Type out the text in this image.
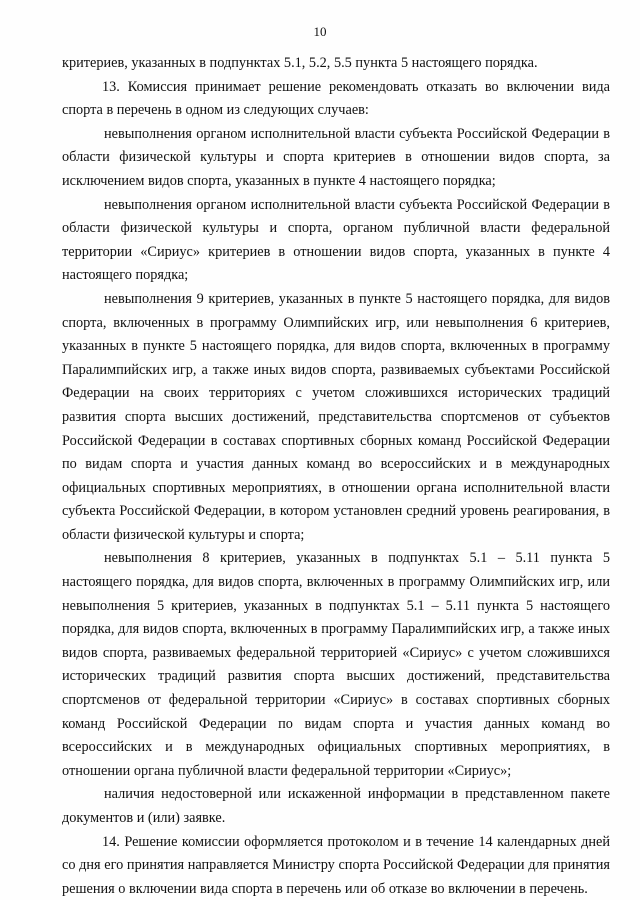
10

критериев, указанных в подпунктах 5.1, 5.2, 5.5 пункта 5 настоящего порядка.

13. Комиссия принимает решение рекомендовать отказать во включении вида спорта в перечень в одном из следующих случаев:

невыполнения органом исполнительной власти субъекта Российской Федерации в области физической культуры и спорта критериев в отношении видов спорта, за исключением видов спорта, указанных в пункте 4 настоящего порядка;

невыполнения органом исполнительной власти субъекта Российской Федерации в области физической культуры и спорта, органом публичной власти федеральной территории «Сириус» критериев в отношении видов спорта, указанных в пункте 4 настоящего порядка;

невыполнения 9 критериев, указанных в пункте 5 настоящего порядка, для видов спорта, включенных в программу Олимпийских игр, или невыполнения 6 критериев, указанных в пункте 5 настоящего порядка, для видов спорта, включенных в программу Паралимпийских игр, а также иных видов спорта, развиваемых субъектами Российской Федерации на своих территориях с учетом сложившихся исторических традиций развития спорта высших достижений, представительства спортсменов от субъектов Российской Федерации в составах спортивных сборных команд Российской Федерации по видам спорта и участия данных команд во всероссийских и в международных официальных спортивных мероприятиях, в отношении органа исполнительной власти субъекта Российской Федерации, в котором установлен средний уровень реагирования, в области физической культуры и спорта;

невыполнения 8 критериев, указанных в подпунктах 5.1 – 5.11 пункта 5 настоящего порядка, для видов спорта, включенных в программу Олимпийских игр, или невыполнения 5 критериев, указанных в подпунктах 5.1 – 5.11 пункта 5 настоящего порядка, для видов спорта, включенных в программу Паралимпийских игр, а также иных видов спорта, развиваемых федеральной территорией «Сириус» с учетом сложившихся исторических традиций развития спорта высших достижений, представительства спортсменов от федеральной территории «Сириус» в составах спортивных сборных команд Российской Федерации по видам спорта и участия данных команд во всероссийских и в международных официальных спортивных мероприятиях, в отношении органа публичной власти федеральной территории «Сириус»;

наличия недостоверной или искаженной информации в представленном пакете документов и (или) заявке.

14. Решение комиссии оформляется протоколом и в течение 14 календарных дней со дня его принятия направляется Министру спорта Российской Федерации для принятия решения о включении вида спорта в перечень или об отказе во включении в перечень.
